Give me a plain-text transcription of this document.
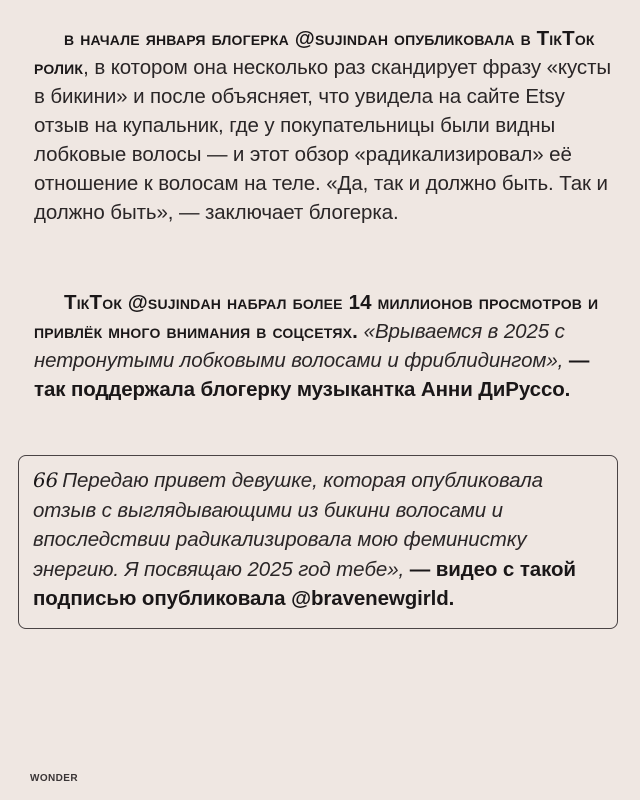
в начале января блогерка @sujindah опубликовала в ТікТок ролик, в котором она несколько раз скандирует фразу «кусты в бикини» и после объясняет, что увидела на сайте Etsy отзыв на купальник, где у покупательницы были видны лобковые волосы — и этот обзор «радикализировал» её отношение к волосам на теле. «Да, так и должно быть. Так и должно быть», — заключает блогерка.
ТікТок @sujindah набрал более 14 миллионов просмотров и привлёк много внимания в соцсетях. «Врываемся в 2025 с нетронутыми лобковыми волосами и фриблидингом», — так поддержала блогерку музыкантка Анни ДиРуссо.
66 Передаю привет девушке, которая опубликовала отзыв с выглядывающими из бикини волосами и впоследствии радикализировала мою феминистку энергию. Я посвящаю 2025 год тебе», — видео с такой подписью опубликовала @bravenewgirld.
WONDER
